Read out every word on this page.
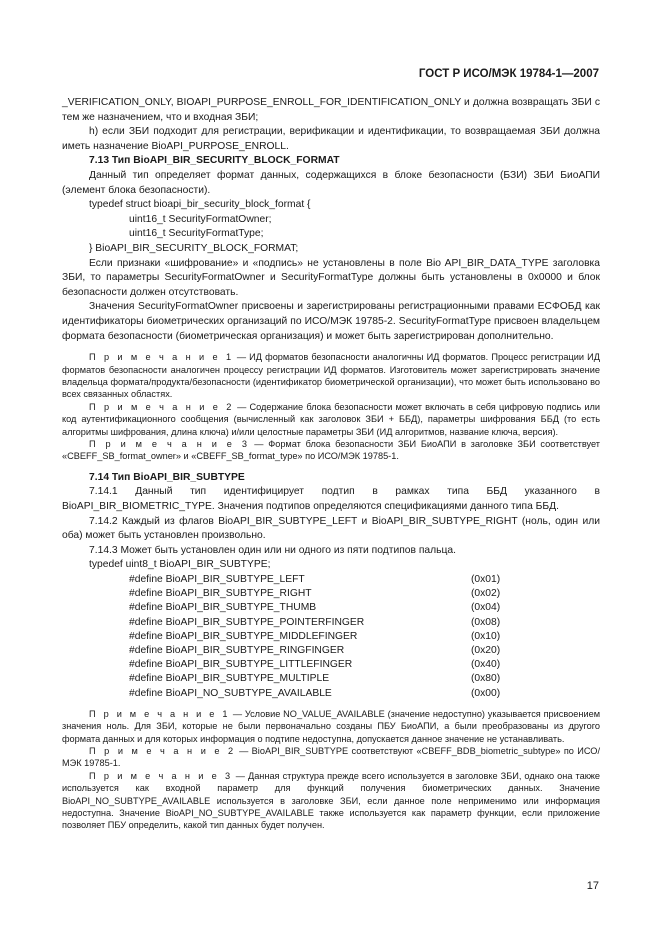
ГОСТ Р ИСО/МЭК 19784-1—2007

_VERIFICATION_ONLY, BIOAPI_PURPOSE_ENROLL_FOR_IDENTIFICATION_ONLY и должна возвращать ЗБИ с тем же назначением, что и входная ЗБИ;

h) если ЗБИ подходит для регистрации, верификации и идентификации, то возвращаемая ЗБИ должна иметь назначение BioAPI_PURPOSE_ENROLL.

7.13 Тип BioAPI_BIR_SECURITY_BLOCK_FORMAT

Данный тип определяет формат данных, содержащихся в блоке безопасности (БЗИ) ЗБИ БиоАПИ (элемент блока безопасности).

typedef struct bioapi_bir_security_block_format {
uint16_t SecurityFormatOwner;
uint16_t SecurityFormatType;
} BioAPI_BIR_SECURITY_BLOCK_FORMAT;

Если признаки «шифрование» и «подпись» не установлены в поле Bio API_BIR_DATA_TYPE заголовка ЗБИ, то параметры SecurityFormatOwner и SecurityFormatType должны быть установлены в 0х0000 и блок безопасности должен отсутствовать.

Значения SecurityFormatOwner присвоены и зарегистрированы регистрационными правами ЕСФОБД как идентификаторы биометрических организаций по ИСО/МЭК 19785-2. SecurityFormatType присвоен владельцем формата безопасности (биометрическая организация) и может быть зарегистрирован дополнительно.

П р и м е ч а н и е 1 — ИД форматов безопасности аналогичны ИД форматов. Процесс регистрации ИД форматов безопасности аналогичен процессу регистрации ИД форматов. Изготовитель может зарегистрировать значение владельца формата/продукта/безопасности (идентификатор биометрической организации), что может быть использовано во всех связанных областях.

П р и м е ч а н и е 2 — Содержание блока безопасности может включать в себя цифровую подпись или код аутентификационного сообщения (вычисленный как заголовок ЗБИ + ББД), параметры шифрования ББД (то есть алгоритмы шифрования, длина ключа) и/или целостные параметры ЗБИ (ИД алгоритмов, название ключа, версия).

П р и м е ч а н и е 3 — Формат блока безопасности ЗБИ БиоАПИ в заголовке ЗБИ соответствует «CBEFF_SB_format_owner» и «CBEFF_SB_format_type» по ИСО/МЭК 19785-1.

7.14 Тип BioAPI_BIR_SUBTYPE

7.14.1 Данный тип идентифицирует подтип в рамках типа ББД указанного в BioAPI_BIR_BIOMETRIC_TYPE. Значения подтипов определяются спецификациями данного типа ББД.

7.14.2 Каждый из флагов BioAPI_BIR_SUBTYPE_LEFT и BioAPI_BIR_SUBTYPE_RIGHT (ноль, один или оба) может быть установлен произвольно.

7.14.3 Может быть установлен один или ни одного из пяти подтипов пальца.

typedef uint8_t BioAPI_BIR_SUBTYPE;
#define BioAPI_BIR_SUBTYPE_LEFT	(0x01)
#define BioAPI_BIR_SUBTYPE_RIGHT	(0x02)
#define BioAPI_BIR_SUBTYPE_THUMB	(0x04)
#define BioAPI_BIR_SUBTYPE_POINTERFINGER	(0x08)
#define BioAPI_BIR_SUBTYPE_MIDDLEFINGER	(0x10)
#define BioAPI_BIR_SUBTYPE_RINGFINGER	(0x20)
#define BioAPI_BIR_SUBTYPE_LITTLEFINGER	(0x40)
#define BioAPI_BIR_SUBTYPE_MULTIPLE	(0x80)
#define BioAPI_NO_SUBTYPE_AVAILABLE	(0x00)

П р и м е ч а н и е 1 — Условие NO_VALUE_AVAILABLE (значение недоступно) указывается присвоением значения ноль. Для ЗБИ, которые не были первоначально созданы ПБУ БиоАПИ, а были преобразованы из другого формата данных и для которых информация о подтипе недоступна, допускается данное значение не устанавливать.

П р и м е ч а н и е 2 — BioAPI_BIR_SUBTYPE соответствуют «CBEFF_BDB_biometric_subtype» по ИСО/МЭК 19785-1.

П р и м е ч а н и е 3 — Данная структура прежде всего используется в заголовке ЗБИ, однако она также используется как входной параметр для функций получения биометрических данных. Значение BioAPI_NO_SUBTYPE_AVAILABLE используется в заголовке ЗБИ, если данное поле неприменимо или информация недоступна. Значение BioAPI_NO_SUBTYPE_AVAILABLE также используется как параметр функции, если приложение позволяет ПБУ определить, какой тип данных будет получен.

17
